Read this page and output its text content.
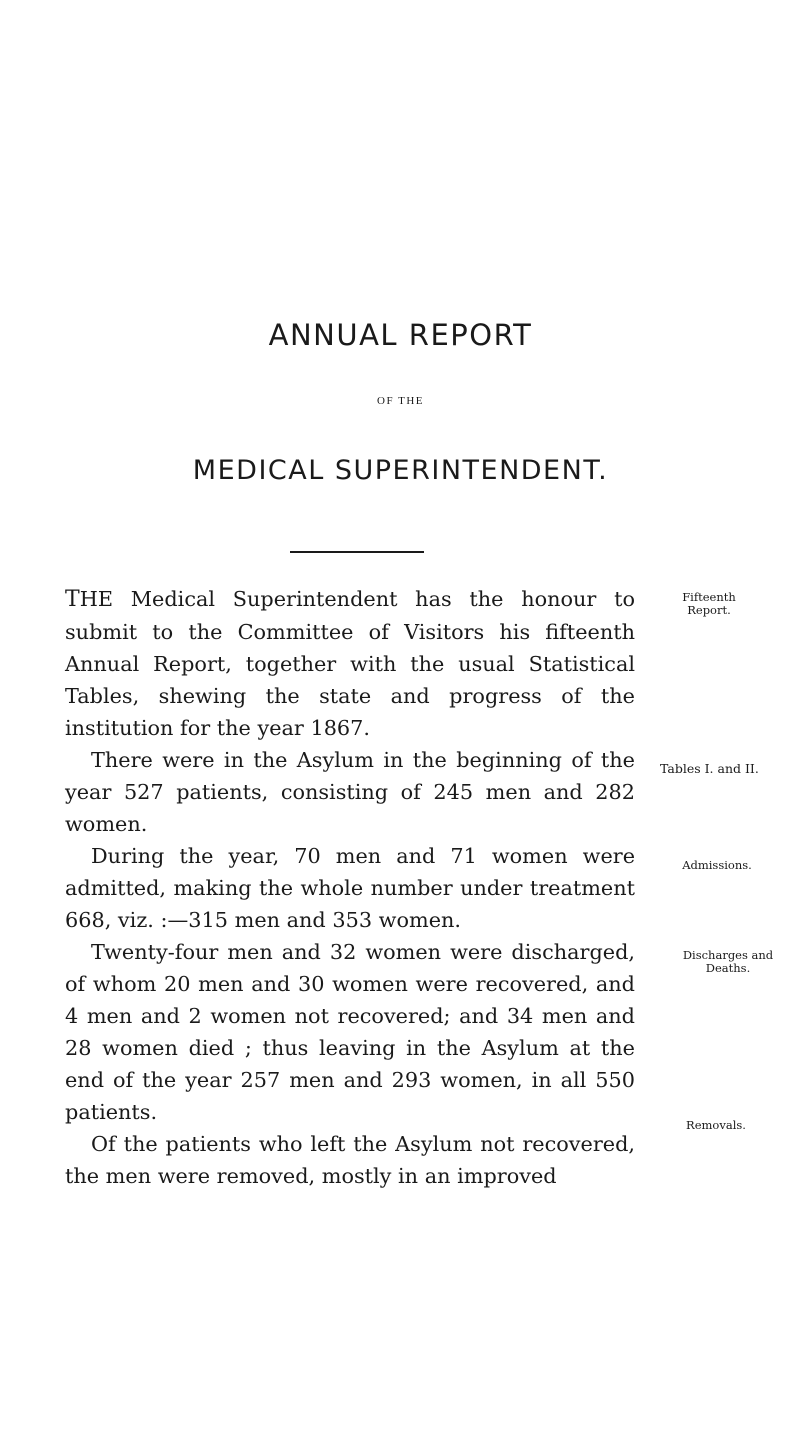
ANNUAL REPORT
OF THE
MEDICAL SUPERINTENDENT.

THE Medical Superintendent has the honour to submit to the Committee of Visitors his fifteenth Annual Report, together with the usual Statistical Tables, shewing the state and progress of the institution for the year 1867.

There were in the Asylum in the beginning of the year 527 patients, consisting of 245 men and 282 women.

During the year, 70 men and 71 women were admitted, making the whole number under treatment 668, viz. :—315 men and 353 women.

Twenty-four men and 32 women were discharged, of whom 20 men and 30 women were recovered, and 4 men and 2 women not recovered; and 34 men and 28 women died ; thus leaving in the Asylum at the end of the year 257 men and 293 women, in all 550 patients.

Of the patients who left the Asylum not recovered, the men were removed, mostly in an improved

Fifteenth
Report.
Tables I. and II.
Admissions.
Discharges and
Deaths.
Removals.
